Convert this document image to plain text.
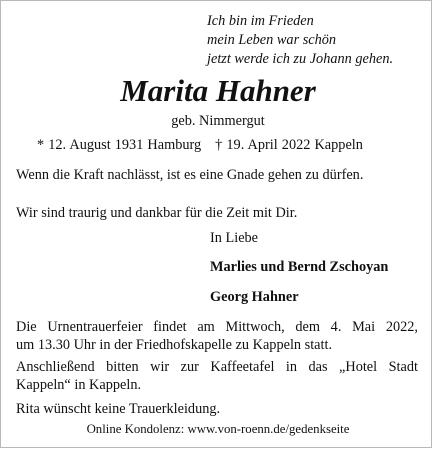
Ich bin im Frieden
mein Leben war schön
jetzt werde ich zu Johann gehen.
Marita Hahner
geb. Nimmergut
* 12. August 1931 Hamburg † 19. April 2022 Kappeln
Wenn die Kraft nachlässt, ist es eine Gnade gehen zu dürfen.
Wir sind traurig und dankbar für die Zeit mit Dir.
In Liebe
Marlies und Bernd Zschoyan
Georg Hahner
Die Urnentrauerfeier findet am Mittwoch, dem 4. Mai 2022,
um 13.30 Uhr in der Friedhofskapelle zu Kappeln statt.
Anschließend bitten wir zur Kaffeetafel in das „Hotel Stadt
Kappeln“ in Kappeln.
Rita wünscht keine Trauerkleidung.
Online Kondolenz: www.von-roenn.de/gedenkseite
